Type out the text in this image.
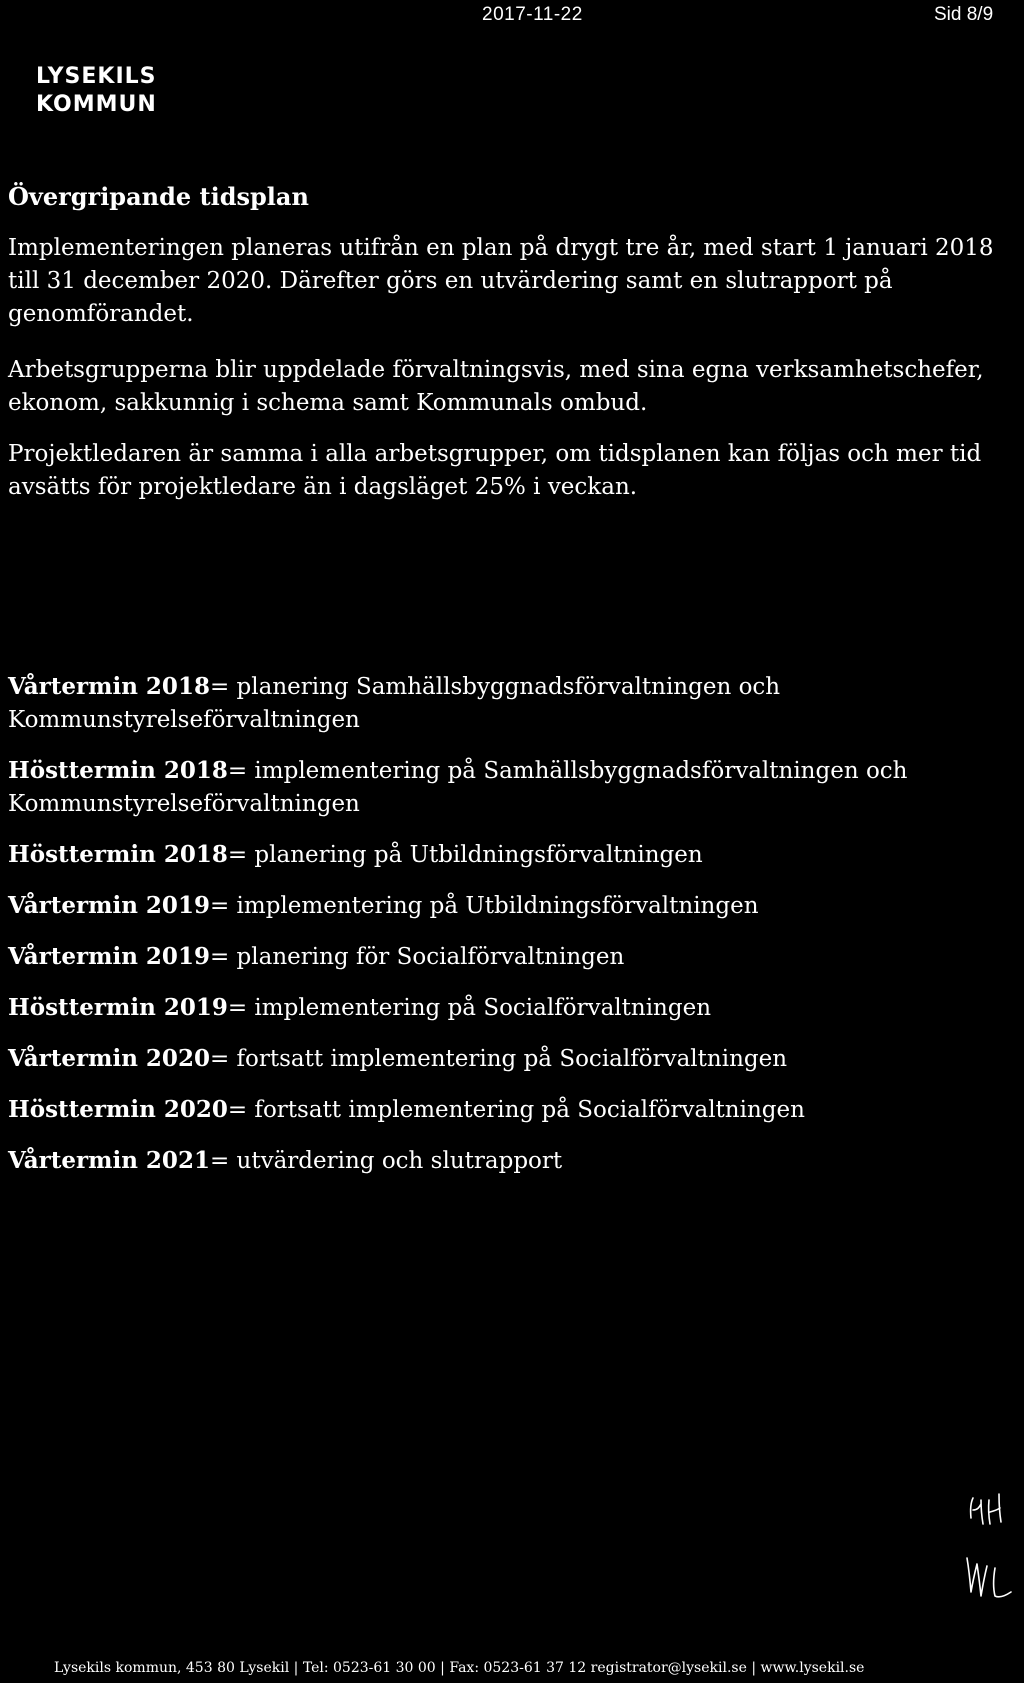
2017-11-22	Sid 8/9
LYSEKILS
KOMMUN
Övergripande tidsplan

Implementeringen planeras utifrån en plan på drygt tre år, med start 1 januari 2018 till 31 december 2020. Därefter görs en utvärdering samt en slutrapport på genomförandet.

Arbetsgrupperna blir uppdelade förvaltningsvis, med sina egna verksamhetschefer, ekonom, sakkunnig i schema samt Kommunals ombud.

Projektledaren är samma i alla arbetsgrupper, om tidsplanen kan följas och mer tid avsätts för projektledare än i dagsläget 25% i veckan.

Vårtermin 2018= planering Samhällsbyggnadsförvaltningen och Kommunstyrelseförvaltningen

Hösttermin 2018= implementering på Samhällsbyggnadsförvaltningen och Kommunstyrelseförvaltningen

Hösttermin 2018= planering på Utbildningsförvaltningen

Vårtermin 2019= implementering på Utbildningsförvaltningen

Vårtermin 2019= planering för Socialförvaltningen

Hösttermin 2019= implementering på Socialförvaltningen

Vårtermin 2020= fortsatt implementering på Socialförvaltningen

Hösttermin 2020= fortsatt implementering på Socialförvaltningen

Vårtermin 2021= utvärdering och slutrapport

Lysekils kommun, 453 80 Lysekil | Tel: 0523-61 30 00 | Fax: 0523-61 37 12 registrator@lysekil.se | www.lysekil.se
